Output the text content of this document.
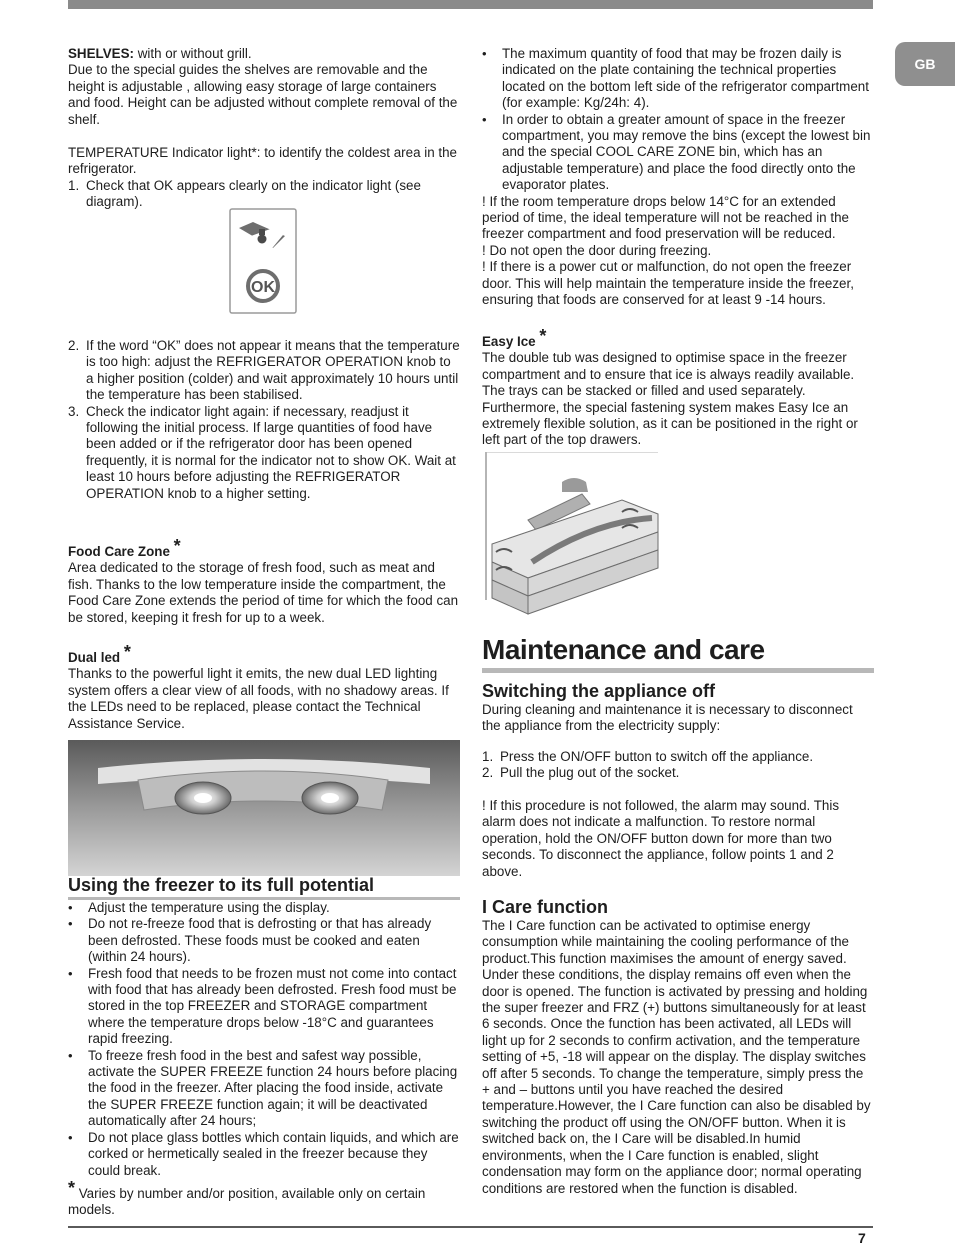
GB

SHELVES: with or without grill.

Due to the special guides the shelves are removable and the height is adjustable , allowing easy storage of large containers and food. Height can be adjusted without complete removal of the shelf.

TEMPERATURE Indicator light*: to identify the coldest area in the refrigerator.

1. Check that OK appears clearly on the indicator light (see diagram).

OK

2. If the word “OK” does not appear it means that the temperature is too high: adjust the REFRIGERATOR OPERATION knob to a higher position (colder) and wait approximately 10 hours until the temperature has been stabilised.

3. Check the indicator light again: if necessary, readjust it following the initial process. If large quantities of food have been added or if the refrigerator door has been opened frequently, it is normal for the indicator not to show OK. Wait at least 10 hours before adjusting the REFRIGERATOR OPERATION knob to a higher setting.

Food Care Zone *

Area dedicated to the storage of fresh food, such as meat and fish. Thanks to the low temperature inside the compartment, the Food Care Zone extends the period of time for which the food can be stored, keeping it fresh for up to a week.

Dual led *

Thanks to the powerful light it emits, the new dual LED lighting system offers a clear view of all foods, with no shadowy areas. If the LEDs need to be replaced, please contact the Technical Assistance Service.

Using the freezer to its full potential

• Adjust the temperature using the display.

• Do not re-freeze food that is defrosting or that has already been defrosted. These foods must be cooked and eaten (within 24 hours).

• Fresh food that needs to be frozen must not come into contact with food that has already been defrosted. Fresh food must be stored in the top FREEZER and STORAGE compartment where the temperature drops below -18°C and guarantees rapid freezing.

• To freeze fresh food in the best and safest way possible, activate the SUPER FREEZE function 24 hours before placing the food in the freezer. After placing the food inside, activate the SUPER FREEZE function again; it will be deactivated automatically after 24 hours;

• Do not place glass bottles which contain liquids, and which are corked or hermetically sealed in the freezer because they could break.

* Varies by number and/or position, available only on certain models.

• The maximum quantity of food that may be frozen daily is indicated on the plate containing the technical properties located on the bottom left side of the refrigerator compartment (for example: Kg/24h: 4).

• In order to obtain a greater amount of space in the freezer compartment, you may remove the bins (except the lowest bin and the special COOL CARE ZONE bin, which has an adjustable temperature) and place the food directly onto the evaporator plates.

! If the room temperature drops below 14°C for an extended period of time, the ideal temperature will not be reached in the freezer compartment and food preservation will be reduced.

! Do not open the door during freezing.

! If there is a power cut or malfunction, do not open the freezer door. This will help maintain the temperature inside the freezer, ensuring that foods are conserved for at least 9 -14 hours.

Easy Ice *

The double tub was designed to optimise space in the freezer compartment and to ensure that ice is always readily available. The trays can be stacked or filled and used separately. Furthermore, the special fastening system makes Easy Ice an extremely flexible solution, as it can be positioned in the right or left part of the top drawers.

Maintenance and care
Switching the appliance off

During cleaning and maintenance it is necessary to disconnect the appliance from the electricity supply:

1. Press the ON/OFF button to switch off the appliance.

2. Pull the plug out of the socket.

! If this procedure is not followed, the alarm may sound. This alarm does not indicate a malfunction. To restore normal operation, hold the ON/OFF button down for more than two seconds. To disconnect the appliance, follow points 1 and 2 above.

I Care function

The I Care function can be activated to optimise energy consumption while maintaining the cooling performance of the product.This function maximises the amount of energy saved. Under these conditions, the display remains off even when the door is opened. The function is activated by pressing and holding the super freezer and FRZ (+) buttons simultaneously for at least 6 seconds. Once the function has been activated, all LEDs will light up for 2 seconds to confirm activation, and the temperature setting of +5, -18 will appear on the display. The display switches off after 5 seconds. To change the temperature, simply press the + and – buttons until you have reached the desired temperature.However, the I Care function can also be disabled by switching the product off using the ON/OFF button. When it is switched back on, the I Care will be disabled.In humid environments, when the I Care function is enabled, slight condensation may form on the appliance door; normal operating conditions are restored when the function is disabled.

7
